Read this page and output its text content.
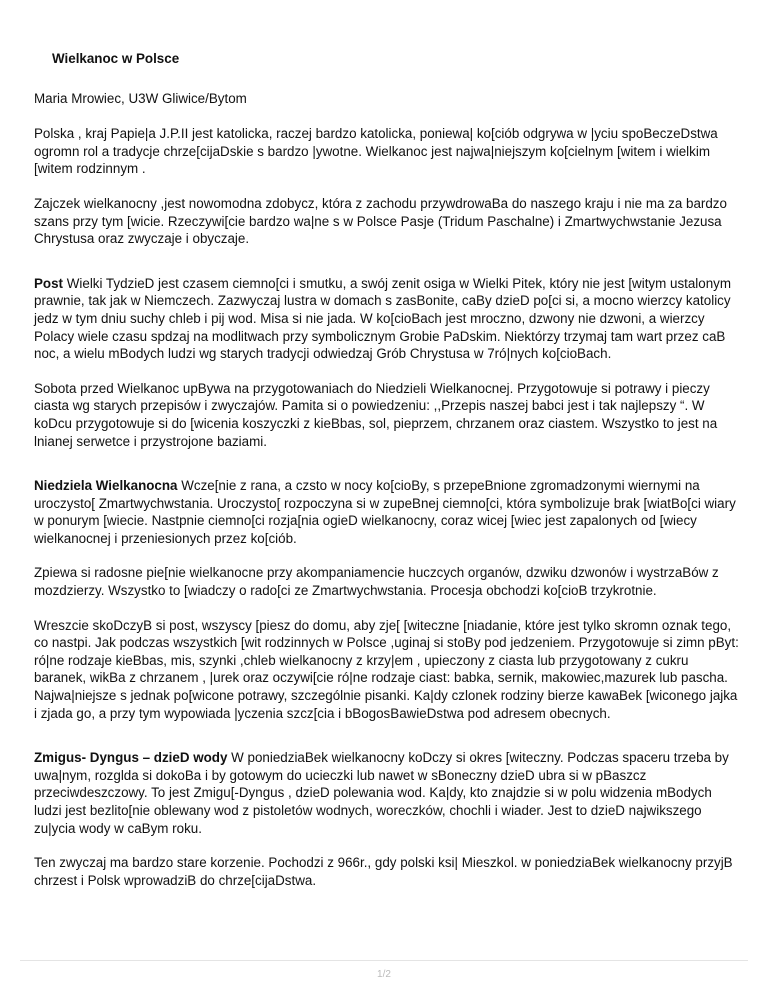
Wielkanoc w Polsce
Maria Mrowiec, U3W Gliwice/Bytom

Polska , kraj Papie|a J.P.II jest katolicka, raczej bardzo katolicka, poniewa| ko[ciób odgrywa w |yciu spoBeczeDstwa ogromn rol a tradycje chrze[cijaDskie s bardzo |ywotne. Wielkanoc jest najwa|niejszym ko[cielnym [witem i wielkim [witem rodzinnym .

Zajczek wielkanocny ,jest nowomodna zdobycz, która z zachodu przywdrowaBa do naszego kraju i nie ma za bardzo szans przy tym [wicie. Rzeczywi[cie bardzo wa|ne s w Polsce Pasje (Tridum Paschalne) i Zmartwychwstanie Jezusa Chrystusa oraz zwyczaje i obyczaje.

Post Wielki TydzieD jest czasem ciemno[ci i smutku, a swój zenit osiga w Wielki Pitek, który nie jest [witym ustalonym prawnie, tak jak w Niemczech. Zazwyczaj lustra w domach s zasBonite, caBy dzieD po[ci si, a mocno wierzcy katolicy jedz w tym dniu suchy chleb i pij wod. Misa si nie jada. W ko[cioBach jest mroczno, dzwony nie dzwoni, a wierzcy Polacy wiele czasu spdzaj na modlitwach przy symbolicznym Grobie PaDskim. Niektórzy trzymaj tam wart przez caB noc, a wielu mBodych ludzi wg starych tradycji odwiedzaj Grób Chrystusa w 7ró|nych ko[cioBach.

Sobota przed Wielkanoc upBywa na przygotowaniach do Niedzieli Wielkanocnej. Przygotowuje si potrawy i pieczy ciasta wg starych przepisów i zwyczajów. Pamita si o powiedzeniu: ,,Przepis naszej babci jest i tak najlepszy “. W koDcu przygotowuje si do [wicenia koszyczki z kieBbas, sol, pieprzem, chrzanem oraz ciastem. Wszystko to jest na lnianej serwetce i przystrojone baziami.

Niedziela Wielkanocna Wcze[nie z rana, a czsto w nocy ko[cioBy, s przepeBnione zgromadzonymi wiernymi na uroczysto[ Zmartwychwstania. Uroczysto[ rozpoczyna si w zupeBnej ciemno[ci, która symbolizuje brak [wiatBo[ci wiary w ponurym [wiecie. Nastpnie ciemno[ci rozja[nia ogieD wielkanocny, coraz wicej [wiec jest zapalonych od [wiecy wielkanocnej i przeniesionych przez ko[ciób.

Zpiewa si radosne pie[nie wielkanocne przy akompaniamencie huczcych organów, dzwiku dzwonów i wystrzaBów z mozdzierzy. Wszystko to [wiadczy o rado[ci ze Zmartwychwstania. Procesja obchodzi ko[cioB trzykrotnie.

Wreszcie skoDczyB si post, wszyscy [piesz do domu, aby zje[ [witeczne [niadanie, które jest tylko skromn oznak tego, co nastpi. Jak podczas wszystkich [wit rodzinnych w Polsce ,uginaj si stoBy pod jedzeniem. Przygotowuje si zimn pByt: ró|ne rodzaje kieBbas, mis, szynki ,chleb wielkanocny z krzy|em , upieczony z ciasta lub przygotowany z cukru baranek, wikBa z chrzanem , |urek oraz oczywi[cie ró|ne rodzaje ciast: babka, sernik, makowiec,mazurek lub pascha. Najwa|niejsze s jednak po[wicone potrawy, szczególnie pisanki. Ka|dy czlonek rodziny bierze kawaBek [wiconego jajka i zjada go, a przy tym wypowiada |yczenia szcz[cia i bBogosBawieDstwa pod adresem obecnych.

Zmigus- Dyngus – dzieD wody W poniedziaBek wielkanocny koDczy si okres [witeczny. Podczas spaceru trzeba by uwa|nym, rozglda si dokoBa i by gotowym do ucieczki lub nawet w sBoneczny dzieD ubra si w pBaszcz przeciwdeszczowy. To jest Zmigu[-Dyngus , dzieD polewania wod. Ka|dy, kto znajdzie si w polu widzenia mBodych ludzi jest bezlito[nie oblewany wod z pistoletów wodnych, woreczków, chochli i wiader. Jest to dzieD najwikszego zu|ycia wody w caBym roku.

Ten zwyczaj ma bardzo stare korzenie. Pochodzi z 966r., gdy polski ksi| Mieszkol. w poniedziaBek wielkanocny przyjB chrzest i Polsk wprowadziB do chrze[cijaDstwa.

1/2
